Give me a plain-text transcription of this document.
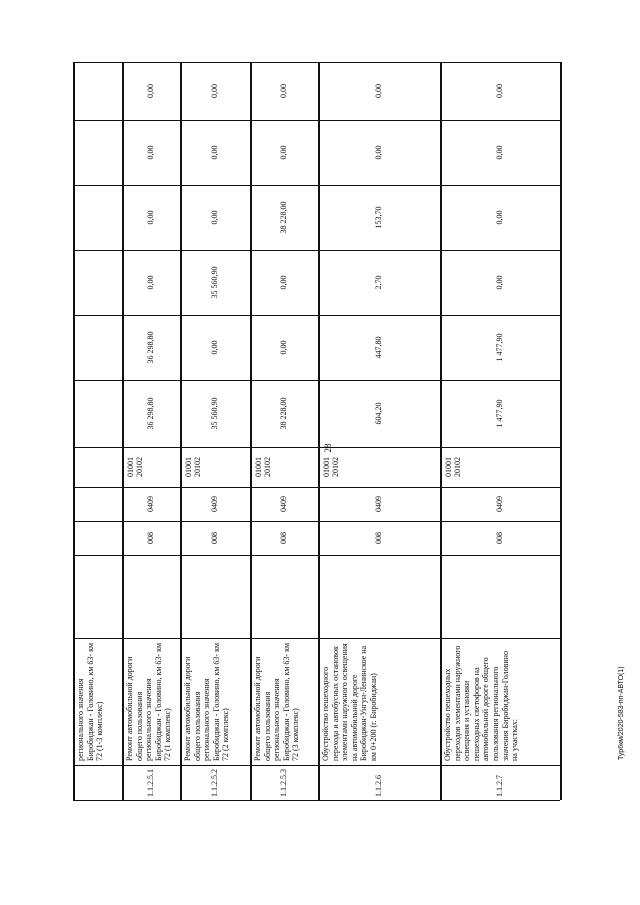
Тур6км/2020-583-пп-АВТО(1)
регионального значения Биробиджан - Головино, км 63- км 72 (1-3 комплекс)
1.1.2.5.1
Ремонт автомобильной дороги общего пользования регионального значения Биробиджан - Головино, км 63- км 72 (1 комплекс)
008
0409
01001 20102
36 298,80
36 298,80
0,00
0,00
0,00
0,00
1.1.2.5.2
Ремонт автомобильной дороги общего пользования регионального значения Биробиджан - Головино, км 63- км 72 (2 комплекс)
008
0409
01001 20102
35 560,90
0,00
35 560,90
0,00
0,00
0,00
1.1.2.5.3
Ремонт автомобильной дороги общего пользования регионального значения Биробиджан - Головино, км 63- км 72 (3 комплекс)
008
0409
01001 20102
38 228,00
0,00
0,00
38 228,00
0,00
0,00
1.1.2.6
Обустройство пешеходного перехода и автобусных остановок элементами наружного освещения на автомобильной дороге Биробиджан-Унгун-Ленинское на км 0+200 (г. Биробиджан)
008
0409
01001 20102
604,20
447,80
2,70
153,70
0,00
0,00
1.1.2.7
Обустройство пешеходных переходов элементами наружного освещения и установки пешеходных светофоров на автомобильной дороге общего пользования регионального значения Биробиджан-Головино на участках:
008
0409
01001 20102
1 477,90
1 477,90
0,00
0,00
0,00
0,00
